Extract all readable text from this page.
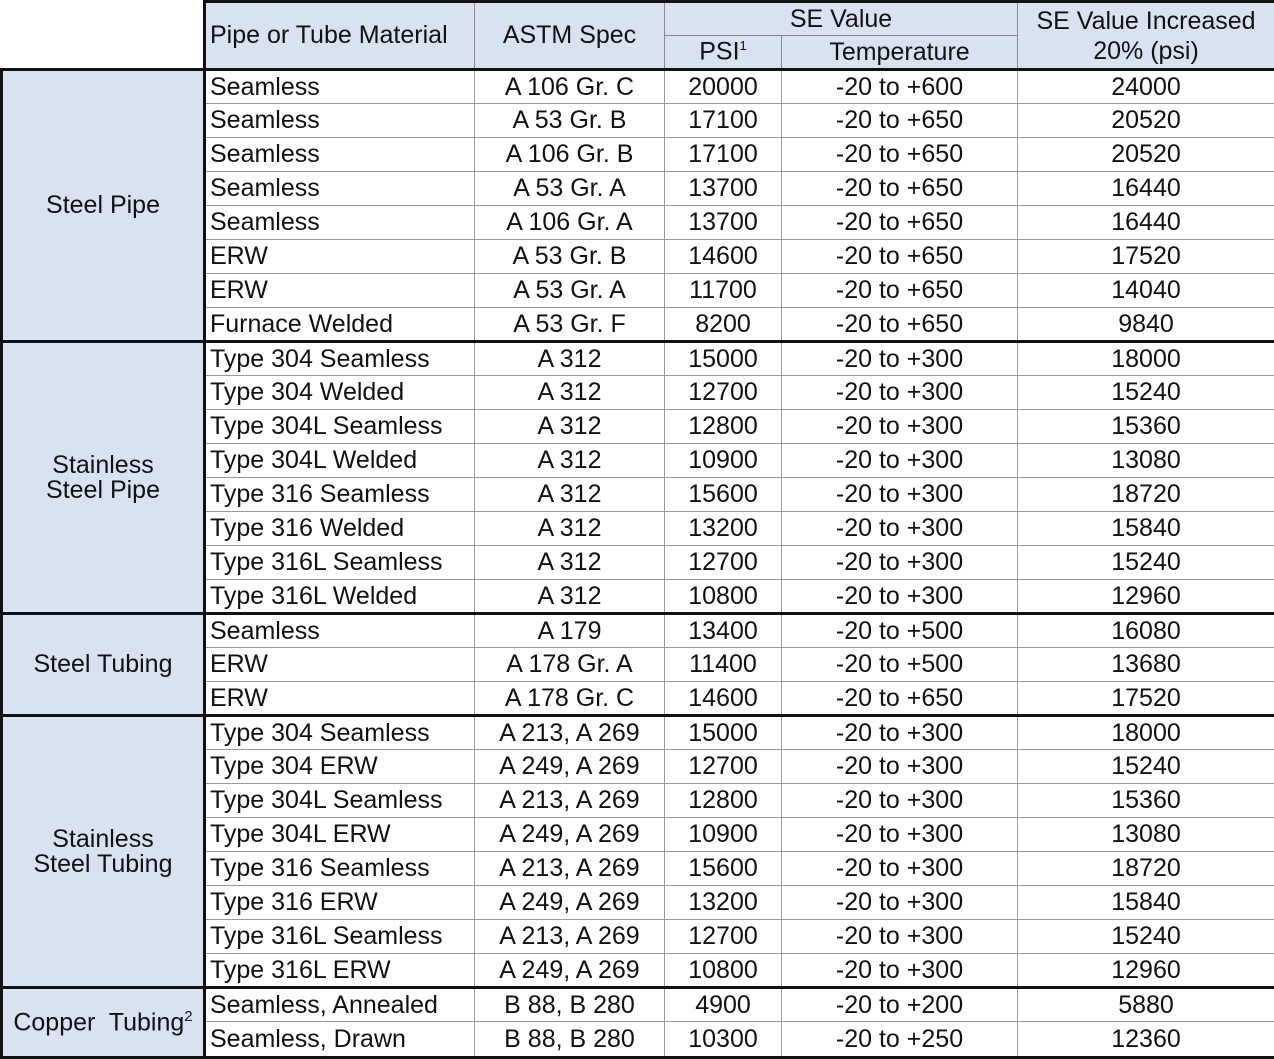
	Pipe or Tube Material	ASTM Spec	SE Value		SE Value Increased
20% (psi)
			PSI$^1$	Temperature	
Steel Pipe	Seamless	A 106 Gr. C	20000	-20 to +600	24000
	Seamless	A 53 Gr. B	17100	-20 to +650	20520
	Seamless	A 106 Gr. B	17100	-20 to +650	20520
	Seamless	A 53 Gr. A	13700	-20 to +650	16440
	Seamless	A 106 Gr. A	13700	-20 to +650	16440
	ERW	A 53 Gr. B	14600	-20 to +650	17520
	ERW	A 53 Gr. A	11700	-20 to +650	14040
	Furnace Welded	A 53 Gr. F	8200	-20 to +650	9840
Stainless
Steel Pipe	Type 304 Seamless	A 312	15000	-20 to +300	18000
	Type 304 Welded	A 312	12700	-20 to +300	15240
	Type 304L Seamless	A 312	12800	-20 to +300	15360
	Type 304L Welded	A 312	10900	-20 to +300	13080
	Type 316 Seamless	A 312	15600	-20 to +300	18720
	Type 316 Welded	A 312	13200	-20 to +300	15840
	Type 316L Seamless	A 312	12700	-20 to +300	15240
	Type 316L Welded	A 312	10800	-20 to +300	12960
Steel Tubing	Seamless	A 179	13400	-20 to +500	16080
	ERW	A 178 Gr. A	11400	-20 to +500	13680
	ERW	A 178 Gr. C	14600	-20 to +650	17520
Stainless
Steel Tubing	Type 304 Seamless	A 213, A 269	15000	-20 to +300	18000
	Type 304 ERW	A 249, A 269	12700	-20 to +300	15240
	Type 304L Seamless	A 213, A 269	12800	-20 to +300	15360
	Type 304L ERW	A 249, A 269	10900	-20 to +300	13080
	Type 316 Seamless	A 213, A 269	15600	-20 to +300	18720
	Type 316 ERW	A 249, A 269	13200	-20 to +300	15840
	Type 316L Seamless	A 213, A 269	12700	-20 to +300	15240
	Type 316L ERW	A 249, A 269	10800	-20 to +300	12960
Copper  Tubing$^2$	Seamless, Annealed	B 88, B 280	4900	-20 to +200	5880
	Seamless, Drawn	B 88, B 280	10300	-20 to +250	12360
